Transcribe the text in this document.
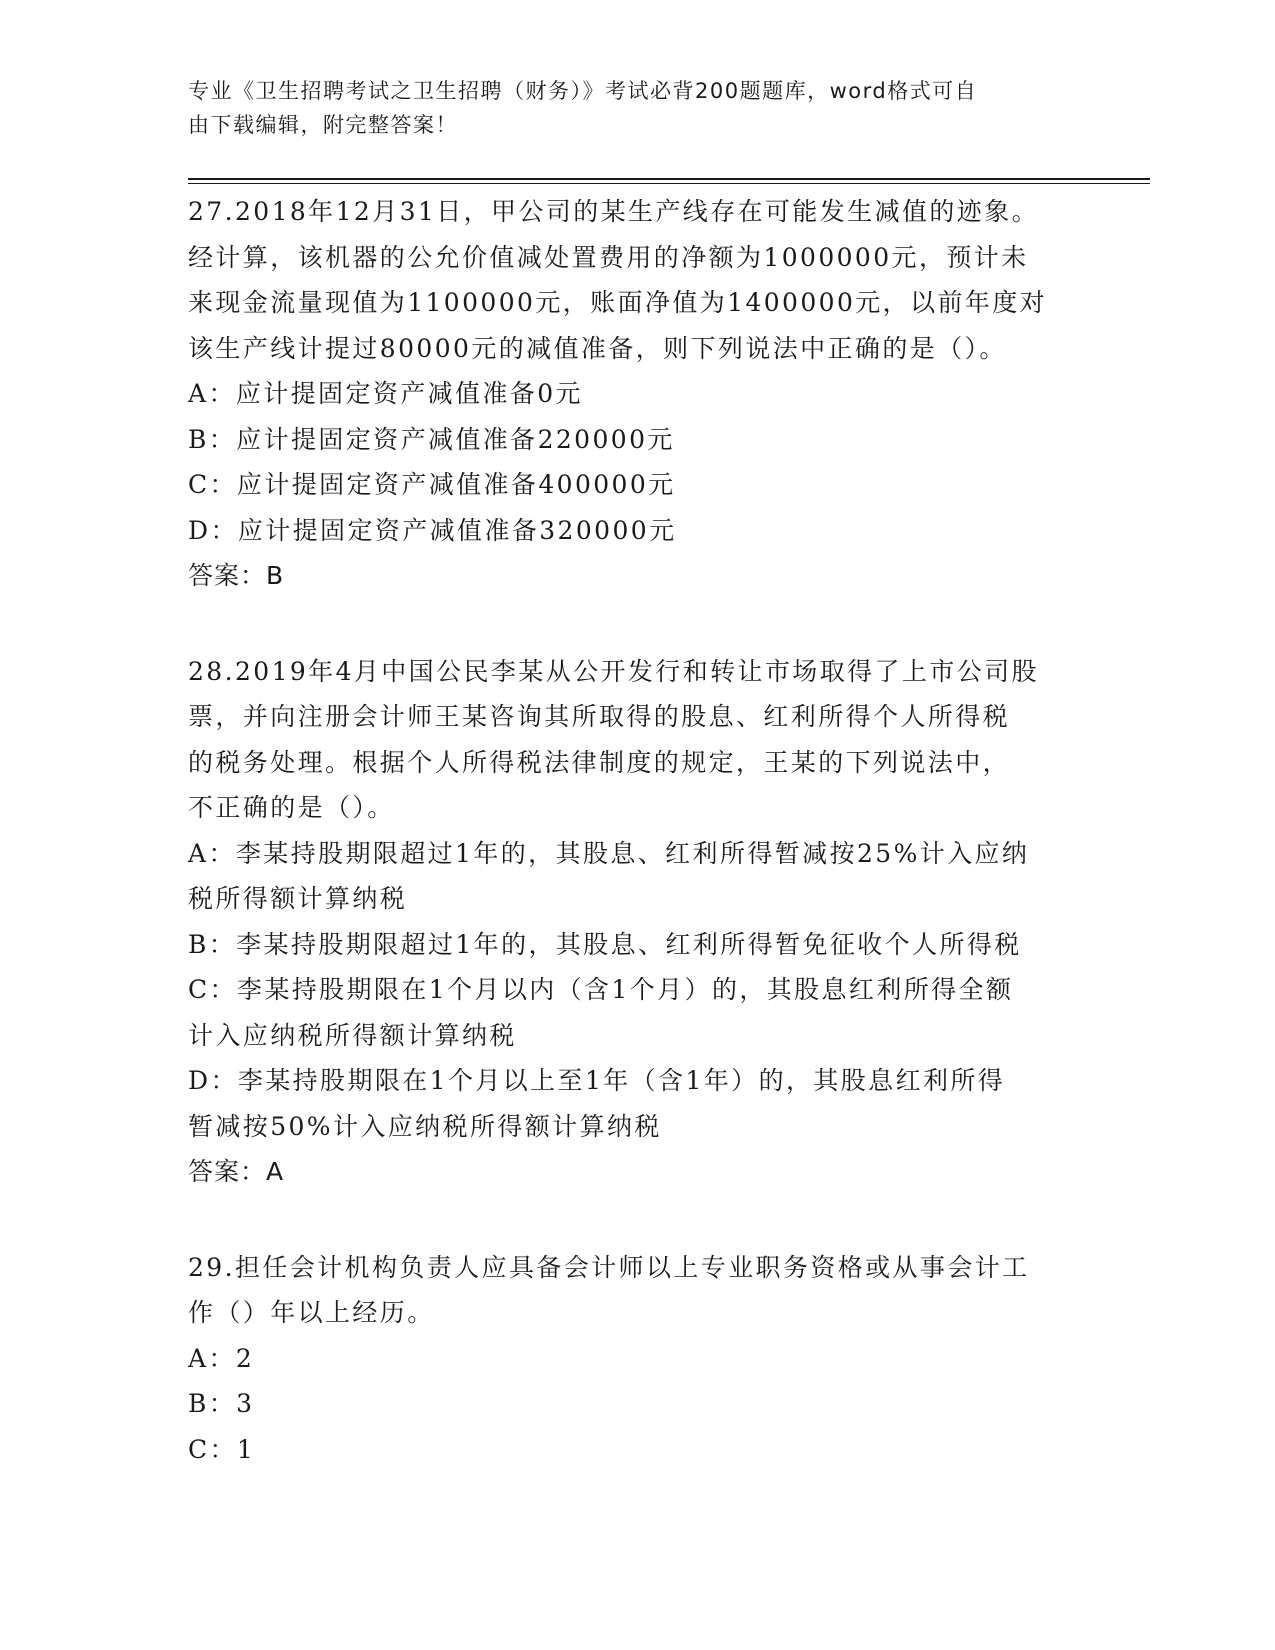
专业《卫生招聘考试之卫生招聘（财务）》考试必背200题题库，word格式可自
由下载编辑，附完整答案！
27.2018年12月31日，甲公司的某生产线存在可能发生减值的迹象。
经计算，该机器的公允价值减处置费用的净额为1000000元，预计未
来现金流量现值为1100000元，账面净值为1400000元，以前年度对
该生产线计提过80000元的减值准备，则下列说法中正确的是（）。
A：应计提固定资产减值准备0元
B：应计提固定资产减值准备220000元
C：应计提固定资产减值准备400000元
D：应计提固定资产减值准备320000元
答案：B
28.2019年4月中国公民李某从公开发行和转让市场取得了上市公司股
票，并向注册会计师王某咨询其所取得的股息、红利所得个人所得税
的税务处理。根据个人所得税法律制度的规定，王某的下列说法中，
不正确的是（）。
A：李某持股期限超过1年的，其股息、红利所得暂减按25%计入应纳
税所得额计算纳税
B：李某持股期限超过1年的，其股息、红利所得暂免征收个人所得税
C：李某持股期限在1个月以内（含1个月）的，其股息红利所得全额
计入应纳税所得额计算纳税
D：李某持股期限在1个月以上至1年（含1年）的，其股息红利所得
暂减按50%计入应纳税所得额计算纳税
答案：A
29.担任会计机构负责人应具备会计师以上专业职务资格或从事会计工
作（）年以上经历。
A：2
B：3
C：1
